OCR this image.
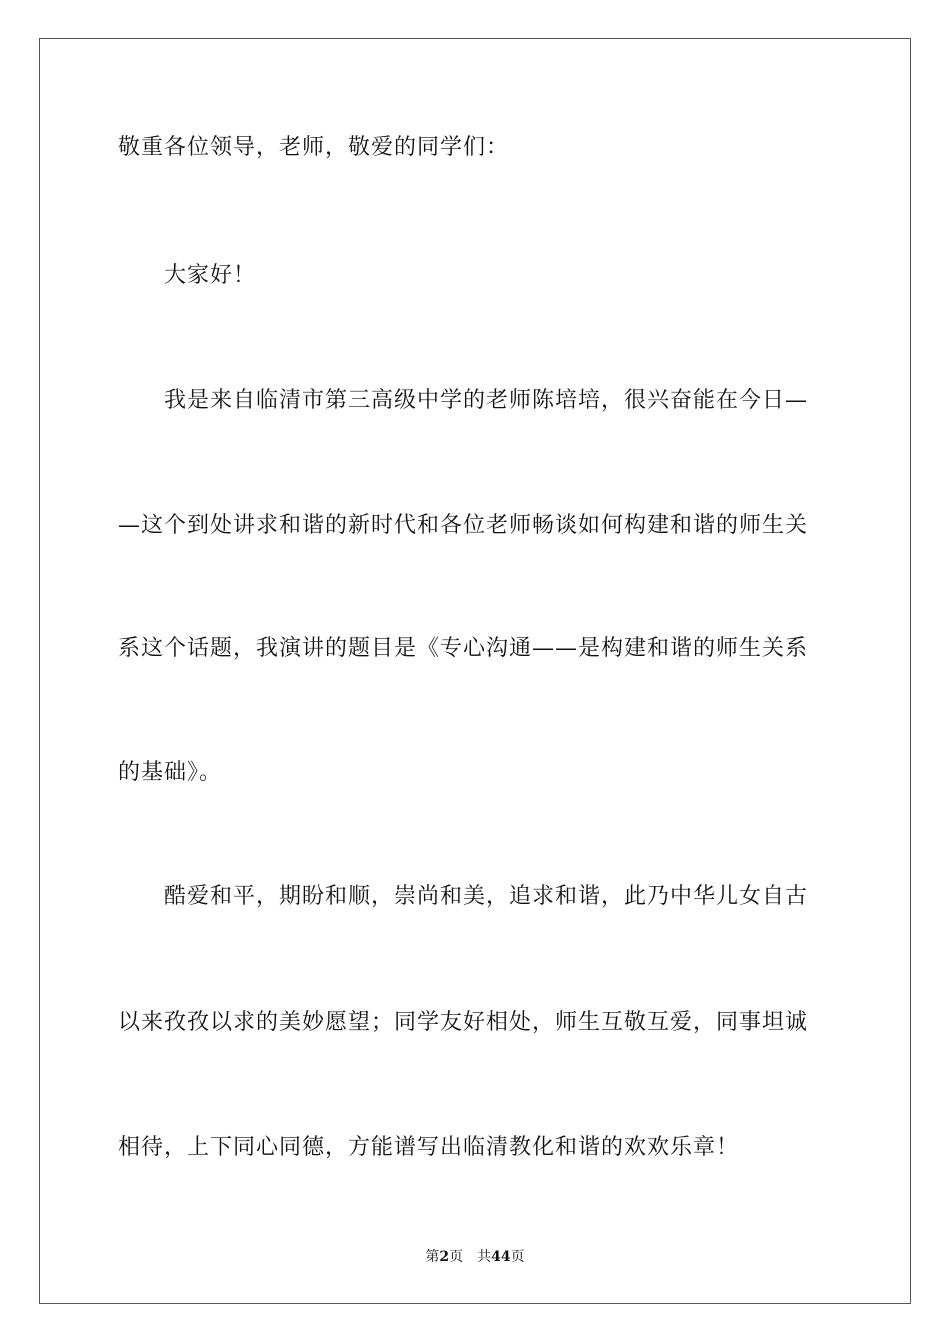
敬重各位领导，老师，敬爱的同学们：
大家好！
我是来自临清市第三高级中学的老师陈培培，很兴奋能在今日—
—这个到处讲求和谐的新时代和各位老师畅谈如何构建和谐的师生关
系这个话题，我演讲的题目是《专心沟通——是构建和谐的师生关系
的基础》。
酷爱和平，期盼和顺，崇尚和美，追求和谐，此乃中华儿女自古
以来孜孜以求的美妙愿望；同学友好相处，师生互敬互爱，同事坦诚
相待，上下同心同德，方能谱写出临清教化和谐的欢欢乐章！
第2页 共44页
